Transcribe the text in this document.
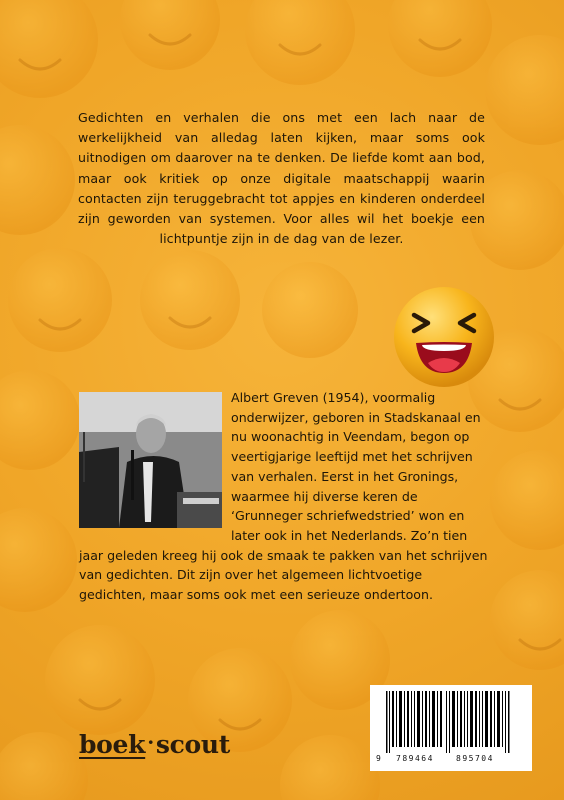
Gedichten en verhalen die ons met een lach naar de werkelijkheid van alledag laten kijken, maar soms ook uitnodigen om daarover na te denken. De liefde komt aan bod, maar ook kritiek op onze digitale maatschappij waarin contacten zijn teruggebracht tot appjes en kinderen onderdeel zijn geworden van systemen. Voor alles wil het boekje een lichtpuntje zijn in de dag van de lezer.

Albert Greven (1954), voormalig onderwijzer, geboren in Stadskanaal en nu woonachtig in Veendam, begon op veertigjarige leeftijd met het schrijven van verhalen. Eerst in het Gronings, waarmee hij diverse keren de ‘Grunneger schriefwedstried’ won en later ook in het Nederlands. Zo’n tien jaar geleden kreeg hij ook de smaak te pakken van het schrijven van gedichten. Dit zijn over het algemeen lichtvoetige gedichten, maar soms ook met een serieuze ondertoon.
boek ·scout	9 789464	895704
